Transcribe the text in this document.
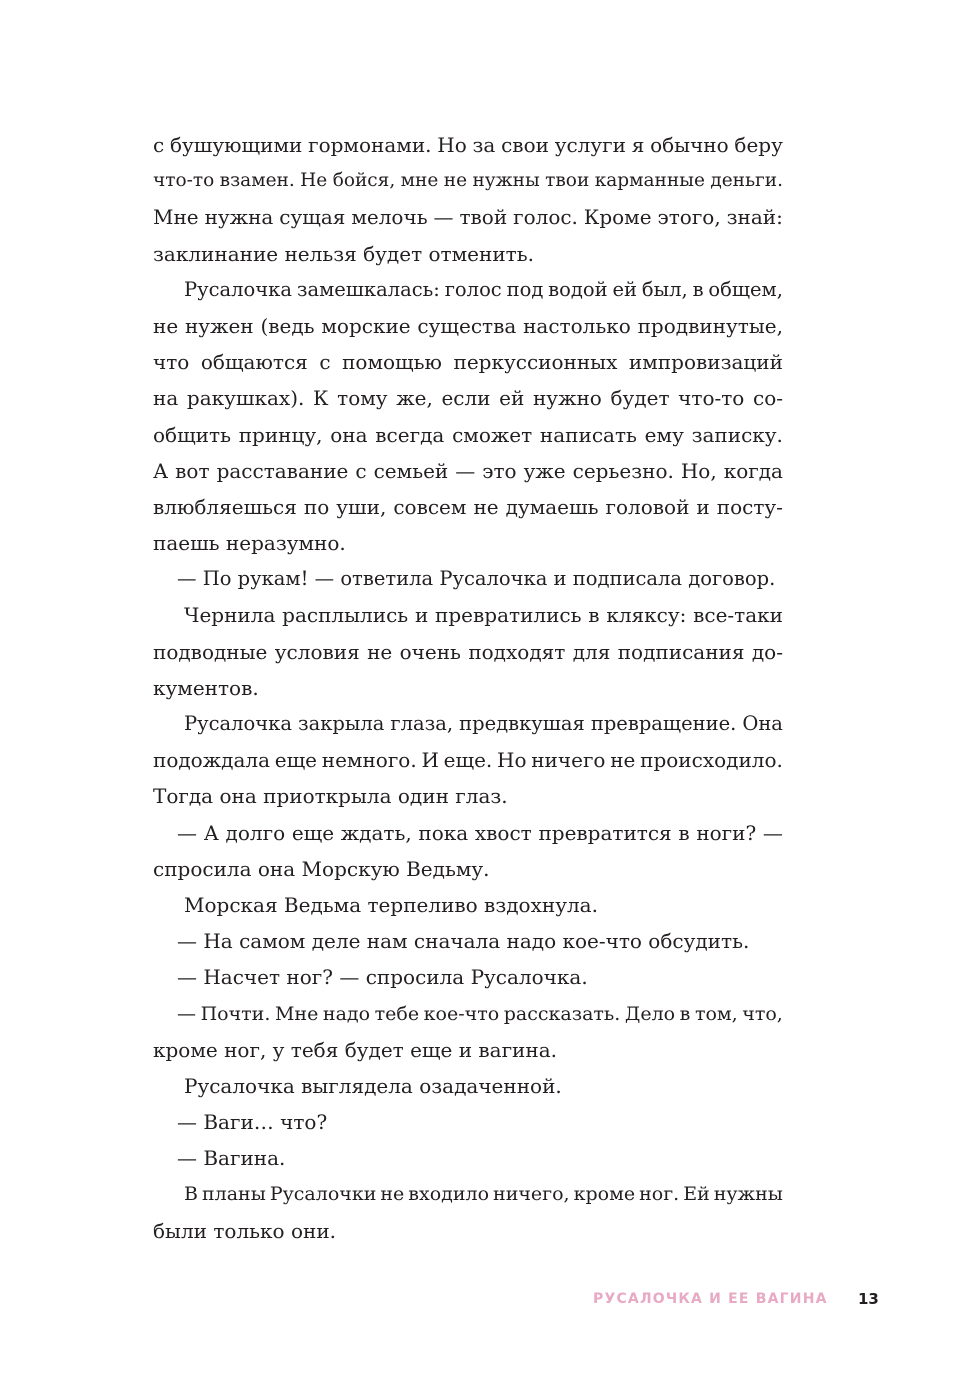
с бушующими гормонами. Но за свои услуги я обычно беру
что-то взамен. Не бойся, мне не нужны твои карманные деньги.
Мне нужна сущая мелочь — твой голос. Кроме этого, знай:
заклинание нельзя будет отменить.
Русалочка замешкалась: голос под водой ей был, в общем,
не нужен (ведь морские существа настолько продвинутые,
что общаются с помощью перкуссионных импровизаций
на ракушках). К тому же, если ей нужно будет что-то со-
общить принцу, она всегда сможет написать ему записку.
А вот расставание с семьей — это уже серьезно. Но, когда
влюбляешься по уши, совсем не думаешь головой и посту-
паешь неразумно.
— По рукам! — ответила Русалочка и подписала договор.
Чернила расплылись и превратились в кляксу: все-таки
подводные условия не очень подходят для подписания до-
кументов.
Русалочка закрыла глаза, предвкушая превращение. Она
подождала еще немного. И еще. Но ничего не происходило.
Тогда она приоткрыла один глаз.
— А долго еще ждать, пока хвост превратится в ноги? —
спросила она Морскую Ведьму.
Морская Ведьма терпеливо вздохнула.
— На самом деле нам сначала надо кое-что обсудить.
— Насчет ног? — спросила Русалочка.
— Почти. Мне надо тебе кое-что рассказать. Дело в том, что,
кроме ног, у тебя будет еще и вагина.
Русалочка выглядела озадаченной.
— Ваги… что?
— Вагина.
В планы Русалочки не входило ничего, кроме ног. Ей нужны
были только они.
РУСАЛОЧКА И ЕЕ ВАГИНА 13
